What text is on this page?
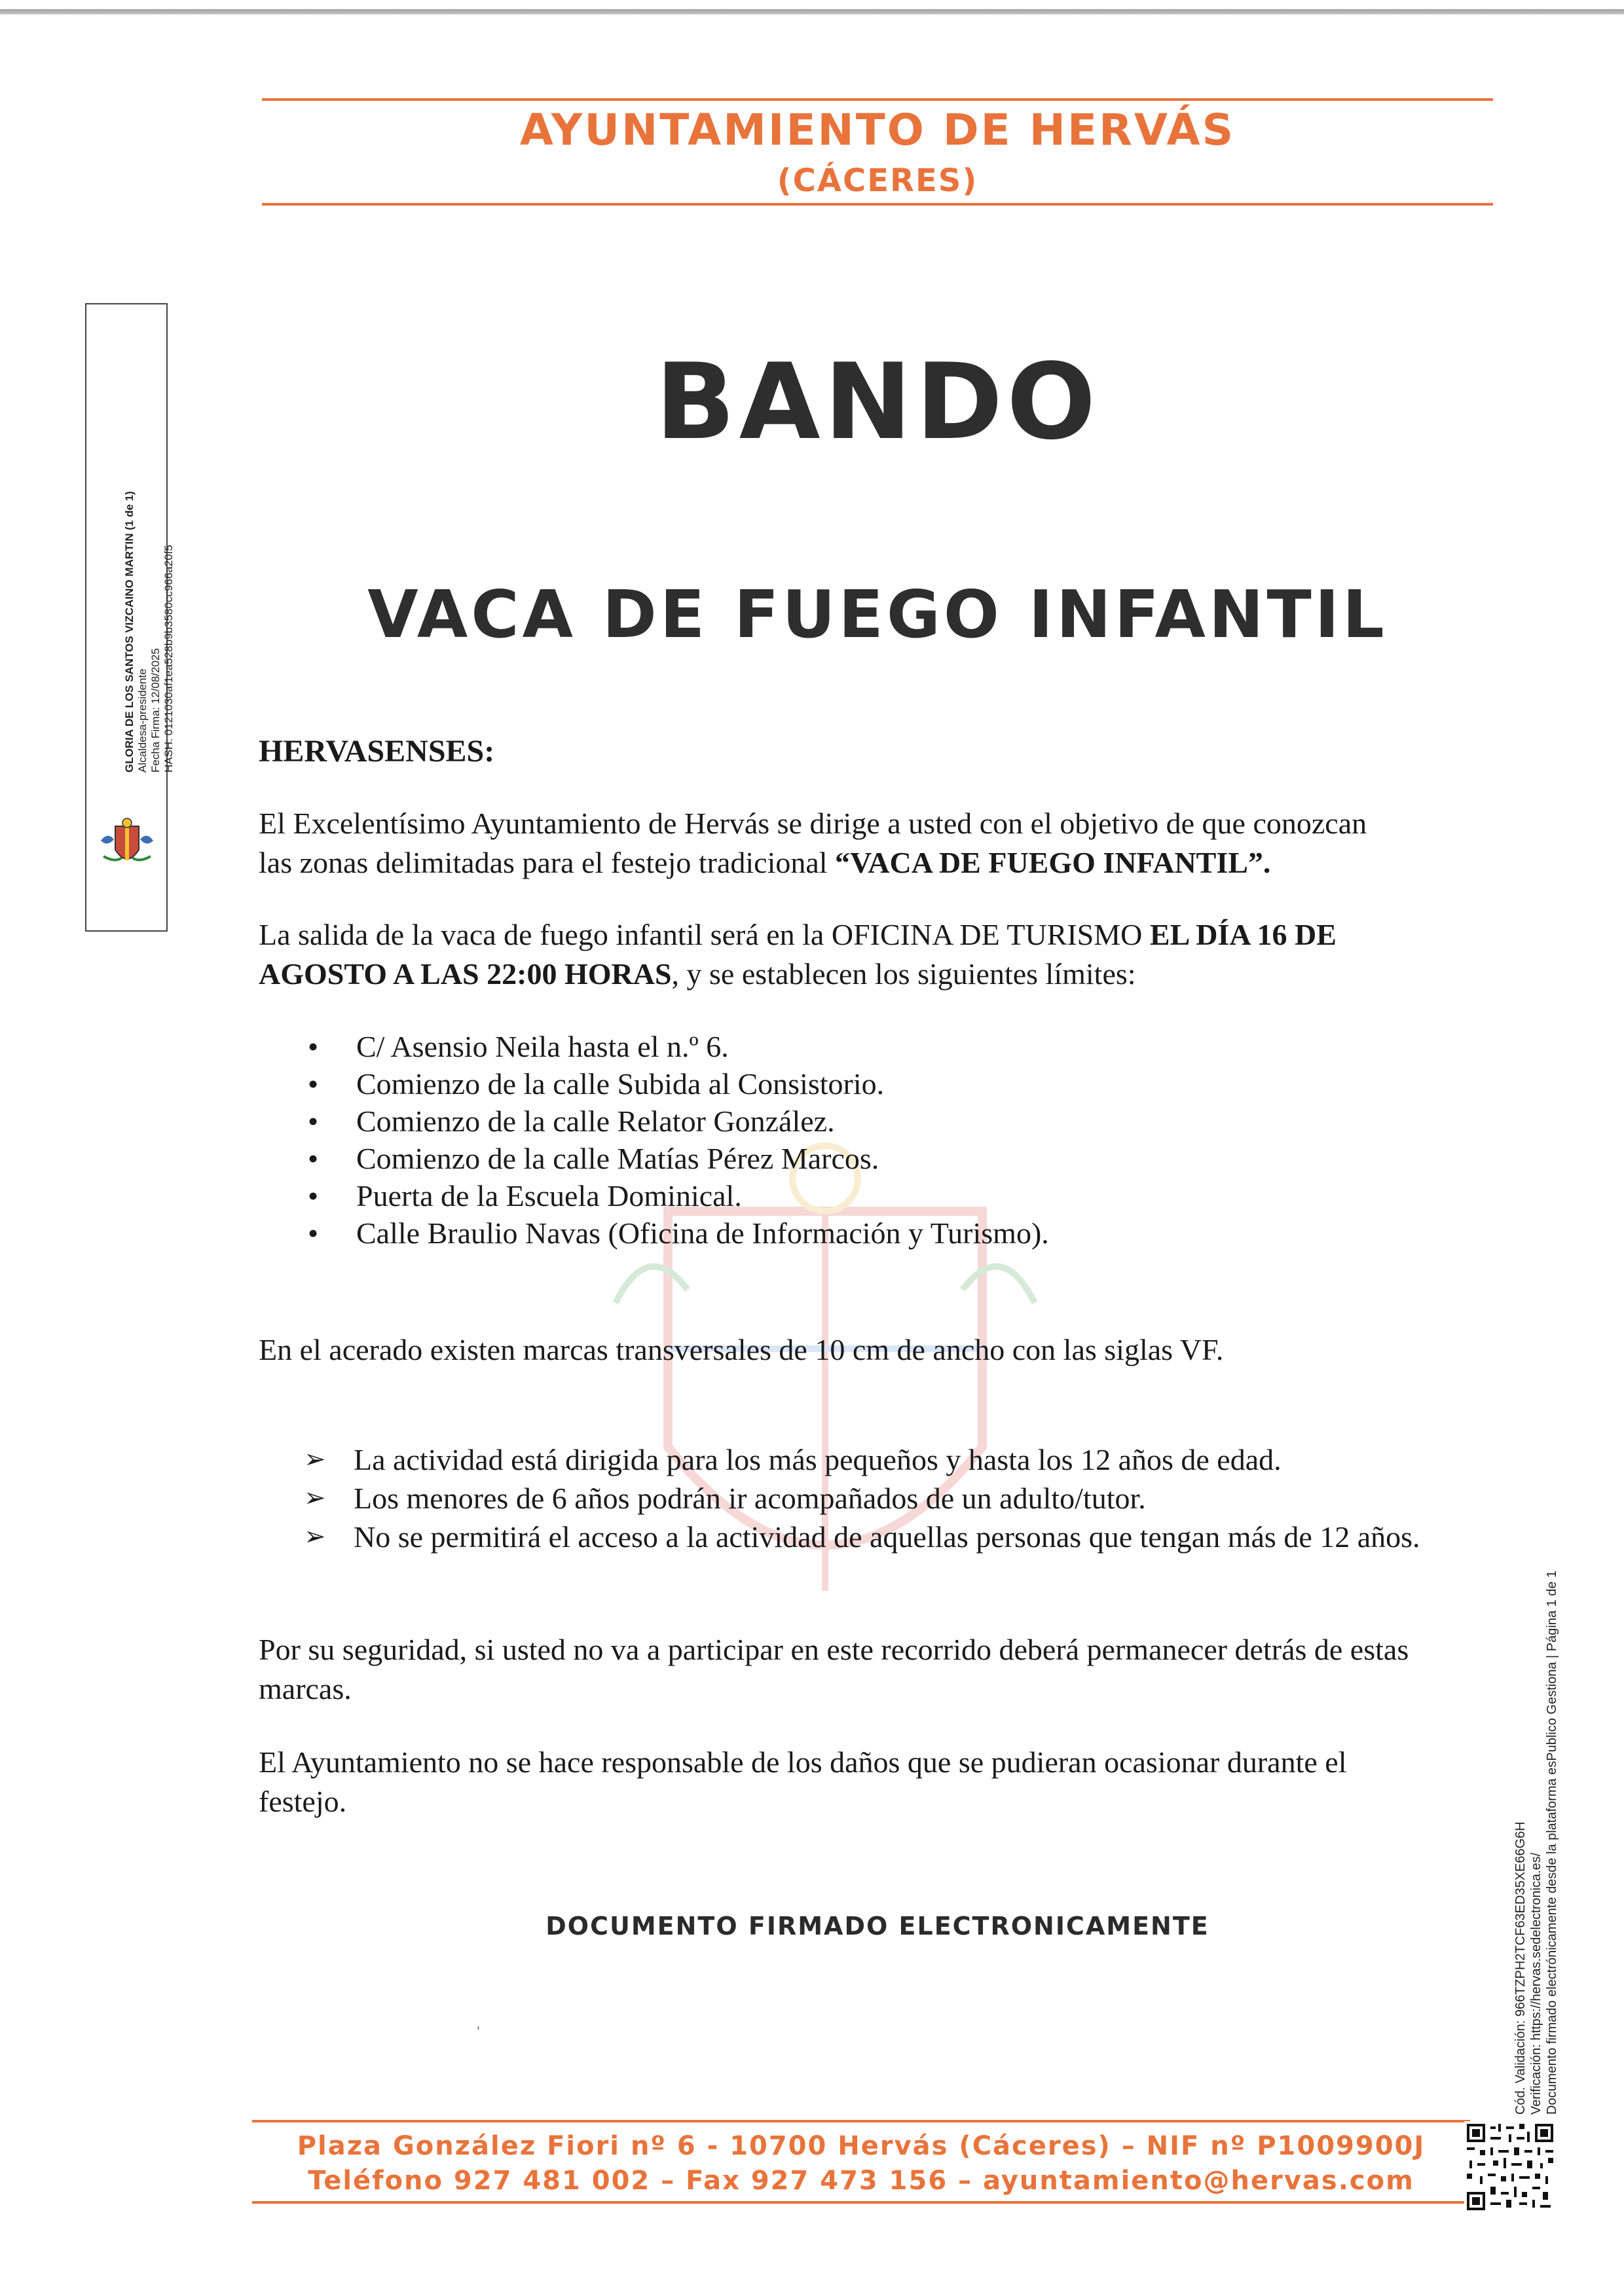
AYUNTAMIENTO DE HERVÁS
(CÁCERES)
GLORIA DE LOS SANTOS VIZCAINO MARTIN (1 de 1) Alcaldesa-presidente Fecha Firma: 12/08/2025 HASH: 0121030af1ea528b9b3580cc966a20f5
BANDO
VACA DE FUEGO INFANTIL
HERVASENSES:
El Excelentísimo Ayuntamiento de Hervás se dirige a usted con el objetivo de que conozcan
las zonas delimitadas para el festejo tradicional “VACA DE FUEGO INFANTIL”.
La salida de la vaca de fuego infantil será en la OFICINA DE TURISMO EL DÍA 16 DE
AGOSTO A LAS 22:00 HORAS, y se establecen los siguientes límites:
• C/ Asensio Neila hasta el n.º 6.
• Comienzo de la calle Subida al Consistorio.
• Comienzo de la calle Relator González.
• Comienzo de la calle Matías Pérez Marcos.
• Puerta de la Escuela Dominical.
• Calle Braulio Navas (Oficina de Información y Turismo).
En el acerado existen marcas transversales de 10 cm de ancho con las siglas VF.
➢ La actividad está dirigida para los más pequeños y hasta los 12 años de edad.
➢ Los menores de 6 años podrán ir acompañados de un adulto/tutor.
➢ No se permitirá el acceso a la actividad de aquellas personas que tengan más de 12 años.
Por su seguridad, si usted no va a participar en este recorrido deberá permanecer detrás de estas marcas.
El Ayuntamiento no se hace responsable de los daños que se pudieran ocasionar durante el festejo.
DOCUMENTO FIRMADO ELECTRONICAMENTE
‘
Plaza González Fiori nº 6 - 10700 Hervás (Cáceres) – NIF nº P1009900J
Teléfono 927 481 002 – Fax 927 473 156 – ayuntamiento@hervas.com
Cód. Validación: 966TZPH2TCF63ED35XE66G6H Verificación: https://hervas.sedelectronica.es/ Documento firmado electrónicamente desde la plataforma esPublico Gestiona | Página 1 de 1
